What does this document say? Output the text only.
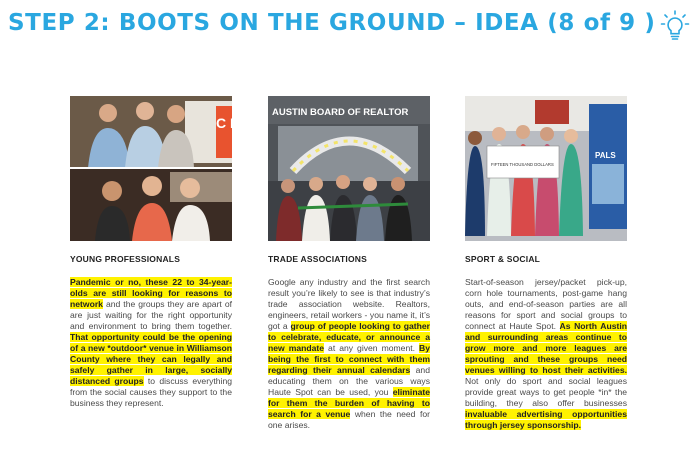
STEP 2: BOOTS ON THE GROUND – IDEA (8 of 9 )
C PE
YOUNG PROFESSIONALS
Pandemic or no, these 22 to 34-year-olds are still looking for reasons to network and the groups they are apart of are just waiting for the right opportunity and environment to bring them together. That opportunity could be the opening of a new *outdoor* venue in Williamson County where they can legally and safely gather in large, socially distanced groups to discuss everything from the social causes they support to the business they represent.
AUSTIN BOARD OF REALTOR
TRADE ASSOCIATIONS
Google any industry and the first search result you’re likely to see is that industry’s trade association website. Realtors, engineers, retail workers - you name it, it’s got a group of people looking to gather to celebrate, educate, or announce a new mandate at any given moment. By being the first to connect with them regarding their annual calendars and educating them on the various ways Haute Spot can be used, you eliminate for them the burden of having to search for a venue when the need for one arises.
PALS
FIFTEEN THOUSAND DOLLARS
SPORT & SOCIAL
Start-of-season jersey/packet pick-up, corn hole tournaments, post-game hang outs, and end-of-season parties are all reasons for sport and social groups to connect at Haute Spot. As North Austin and surrounding areas continue to grow more and more leagues are sprouting and these groups need venues willing to host their activities. Not only do sport and social leagues provide great ways to get people *in* the building, they also offer businesses invaluable advertising opportunities through jersey sponsorship.
